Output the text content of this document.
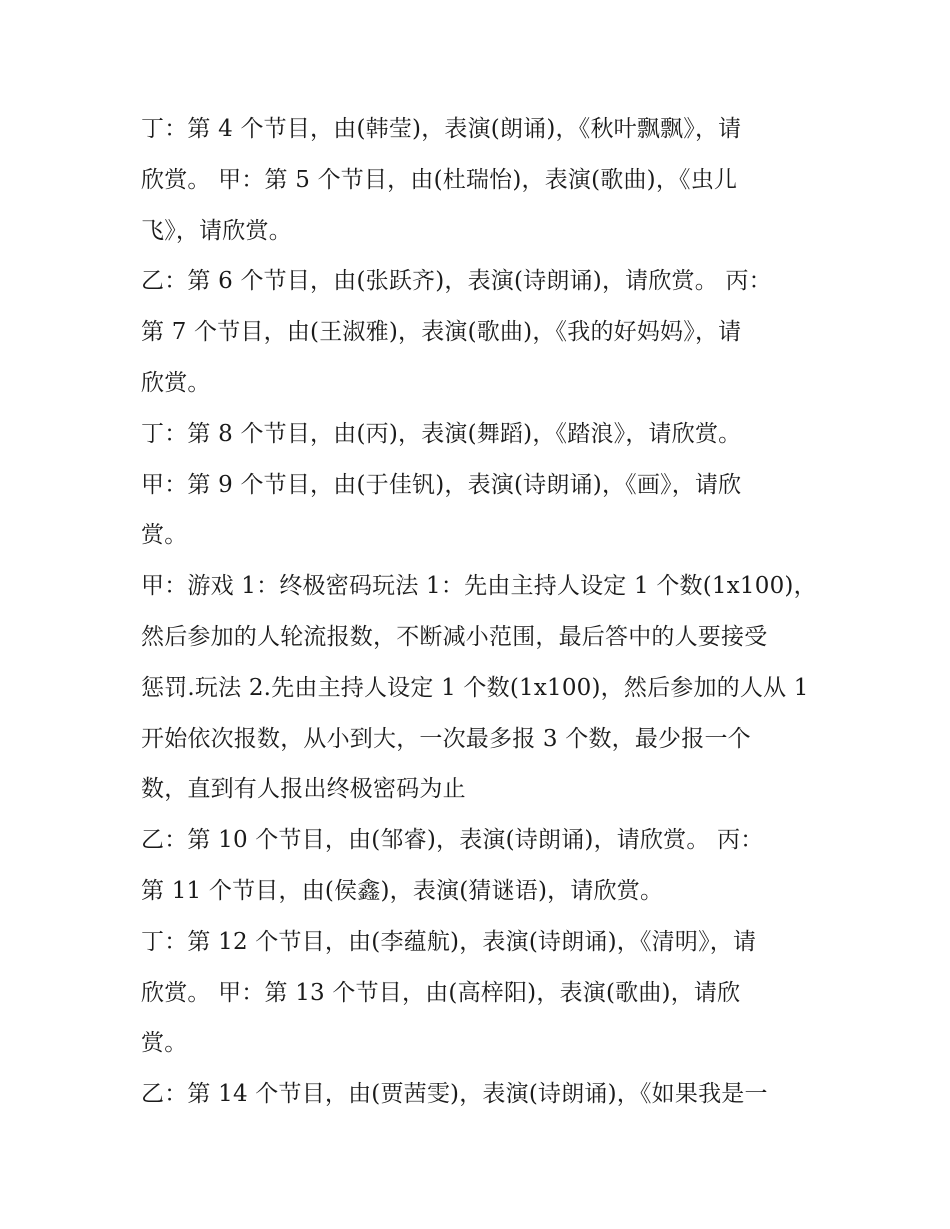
丁：第 4 个节目，由(韩莹)，表演(朗诵)，《秋叶飘飘》，请
欣赏。 甲：第 5 个节目，由(杜瑞怡)，表演(歌曲)，《虫儿
飞》，请欣赏。
乙：第 6 个节目，由(张跃齐)，表演(诗朗诵)，请欣赏。 丙：
第 7 个节目，由(王淑雅)，表演(歌曲)，《我的好妈妈》，请
欣赏。
丁：第 8 个节目，由(丙)，表演(舞蹈)，《踏浪》，请欣赏。
甲：第 9 个节目，由(于佳钒)，表演(诗朗诵)，《画》，请欣
赏。
甲：游戏 1：终极密码玩法 1：先由主持人设定 1 个数(1x100)，
然后参加的人轮流报数，不断减小范围，最后答中的人要接受
惩罚.玩法 2.先由主持人设定 1 个数(1x100)，然后参加的人从 1
开始依次报数，从小到大，一次最多报 3 个数，最少报一个
数，直到有人报出终极密码为止
乙：第 10 个节目，由(邹睿)，表演(诗朗诵)，请欣赏。 丙：
第 11 个节目，由(侯鑫)，表演(猜谜语)，请欣赏。
丁：第 12 个节目，由(李蕴航)，表演(诗朗诵)，《清明》，请
欣赏。 甲：第 13 个节目，由(高梓阳)，表演(歌曲)，请欣
赏。
乙：第 14 个节目，由(贾茜雯)，表演(诗朗诵)，《如果我是一
